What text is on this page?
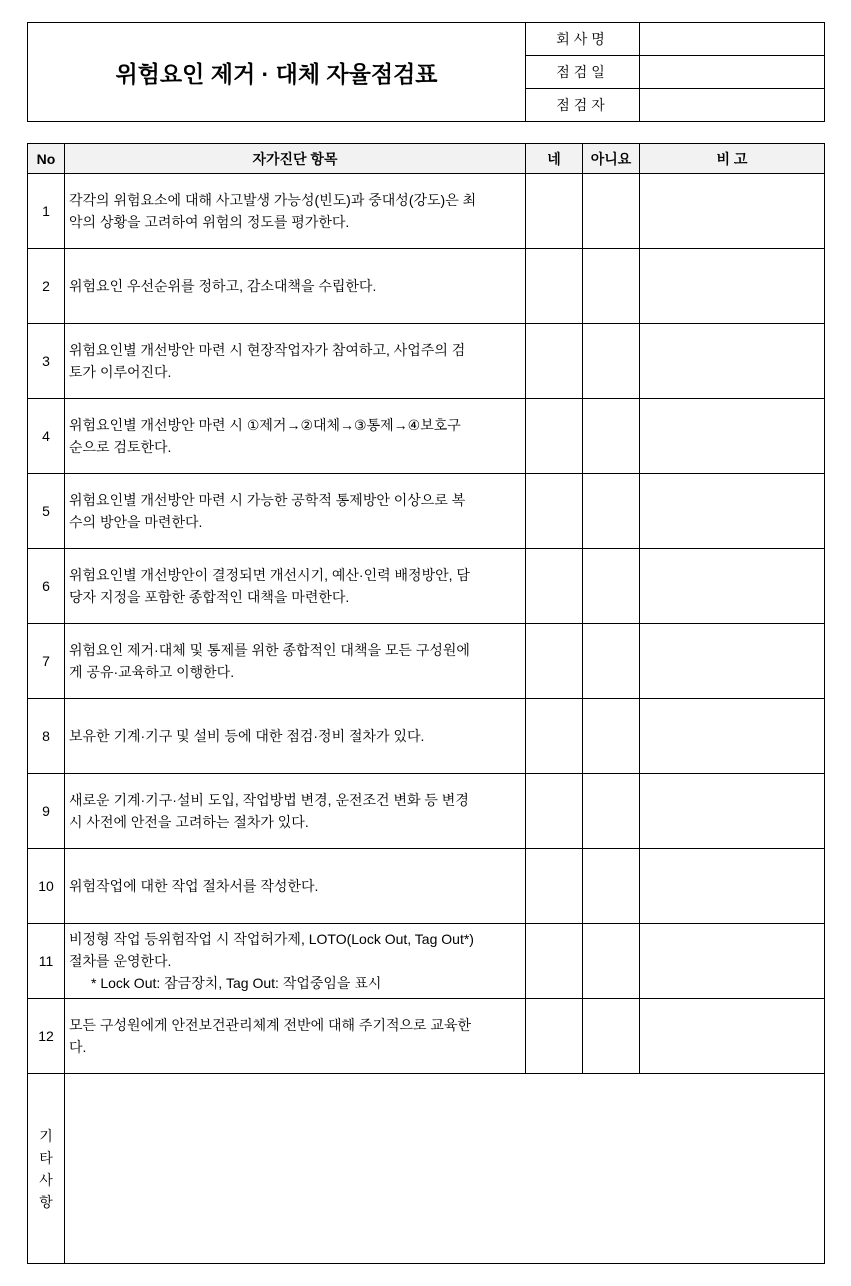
위험요인 제거 · 대체 자율점검표	회사명	
	점검일	
	점검자	
No	자가진단 항목	네	아니요	비 고
1	각각의 위험요소에 대해 사고발생 가능성(빈도)과 중대성(강도)은 최
악의 상황을 고려하여 위험의 정도를 평가한다.			

2	위험요인 우선순위를 정하고, 감소대책을 수립한다.			

3	위험요인별 개선방안 마련 시 현장작업자가 참여하고, 사업주의 검
토가 이루어진다.			

4	위험요인별 개선방안 마련 시 ①제거→②대체→③통제→④보호구
순으로 검토한다.			

5	위험요인별 개선방안 마련 시 가능한 공학적 통제방안 이상으로 복
수의 방안을 마련한다.			

6	위험요인별 개선방안이 결정되면 개선시기, 예산·인력 배정방안, 담
당자 지정을 포함한 종합적인 대책을 마련한다.			

7	위험요인 제거·대체 및 통제를 위한 종합적인 대책을 모든 구성원에
게 공유·교육하고 이행한다.			

8	보유한 기계·기구 및 설비 등에 대한 점검·정비 절차가 있다.			

9	새로운 기계·기구·설비 도입, 작업방법 변경, 운전조건 변화 등 변경
시 사전에 안전을 고려하는 절차가 있다.			

10	위험작업에 대한 작업 절차서를 작성한다.			

11	비정형 작업 등위험작업 시 작업허가제, LOTO(Lock Out, Tag Out*)
절차를 운영한다.
* Lock Out: 잠금장치, Tag Out: 작업중임을 표시			

12	모든 구성원에게 안전보건관리체계 전반에 대해 주기적으로 교육한
다.			

기
타
사
항				
